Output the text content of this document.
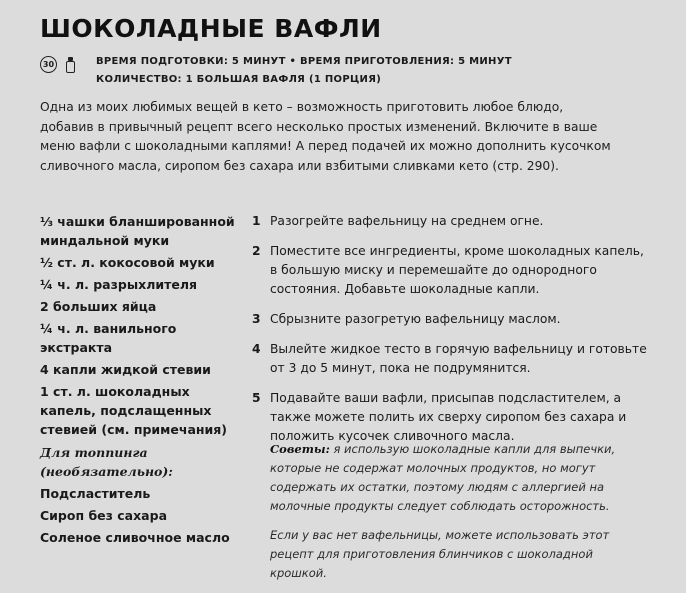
ШОКОЛАДНЫЕ ВАФЛИ
30	ВРЕМЯ ПОДГОТОВКИ: 5 МИНУТ • ВРЕМЯ ПРИГОТОВЛЕНИЯ: 5 МИНУТ
КОЛИЧЕСТВО: 1 БОЛЬШАЯ ВАФЛЯ (1 ПОРЦИЯ)
Одна из моих любимых вещей в кето – возможность приготовить любое блюдо, добавив в привычный рецепт всего несколько простых изменений. Включите в ваше меню вафли с шоколадными каплями! А перед подачей их можно дополнить кусочком сливочного масла, сиропом без сахара или взбитыми сливками кето (стр. 290).
⅓ чашки бланшированной миндальной муки
½ ст. л. кокосовой муки
¼ ч. л. разрыхлителя
2 больших яйца
¼ ч. л. ванильного экстракта
4 капли жидкой стевии
1 ст. л. шоколадных капель, подслащенных стевией (см. примечания)
Для топпинга (необязательно):
Подсластитель
Сироп без сахара
Соленое сливочное масло
1 Разогрейте вафельницу на среднем огне.
2 Поместите все ингредиенты, кроме шоколадных капель, в большую миску и перемешайте до однородного состояния. Добавьте шоколадные капли.
3 Сбрызните разогретую вафельницу маслом.
4 Вылейте жидкое тесто в горячую вафельницу и готовьте от 3 до 5 минут, пока не подрумянится.
5 Подавайте ваши вафли, присыпав подсластителем, а также можете полить их сверху сиропом без сахара и положить кусочек сливочного масла.

Советы: я использую шоколадные капли для выпечки, которые не содержат молочных продуктов, но могут содержать их остатки, поэтому людям с аллергией на молочные продукты следует соблюдать осторожность.

Если у вас нет вафельницы, можете использовать этот рецепт для приготовления блинчиков с шоколадной крошкой.
